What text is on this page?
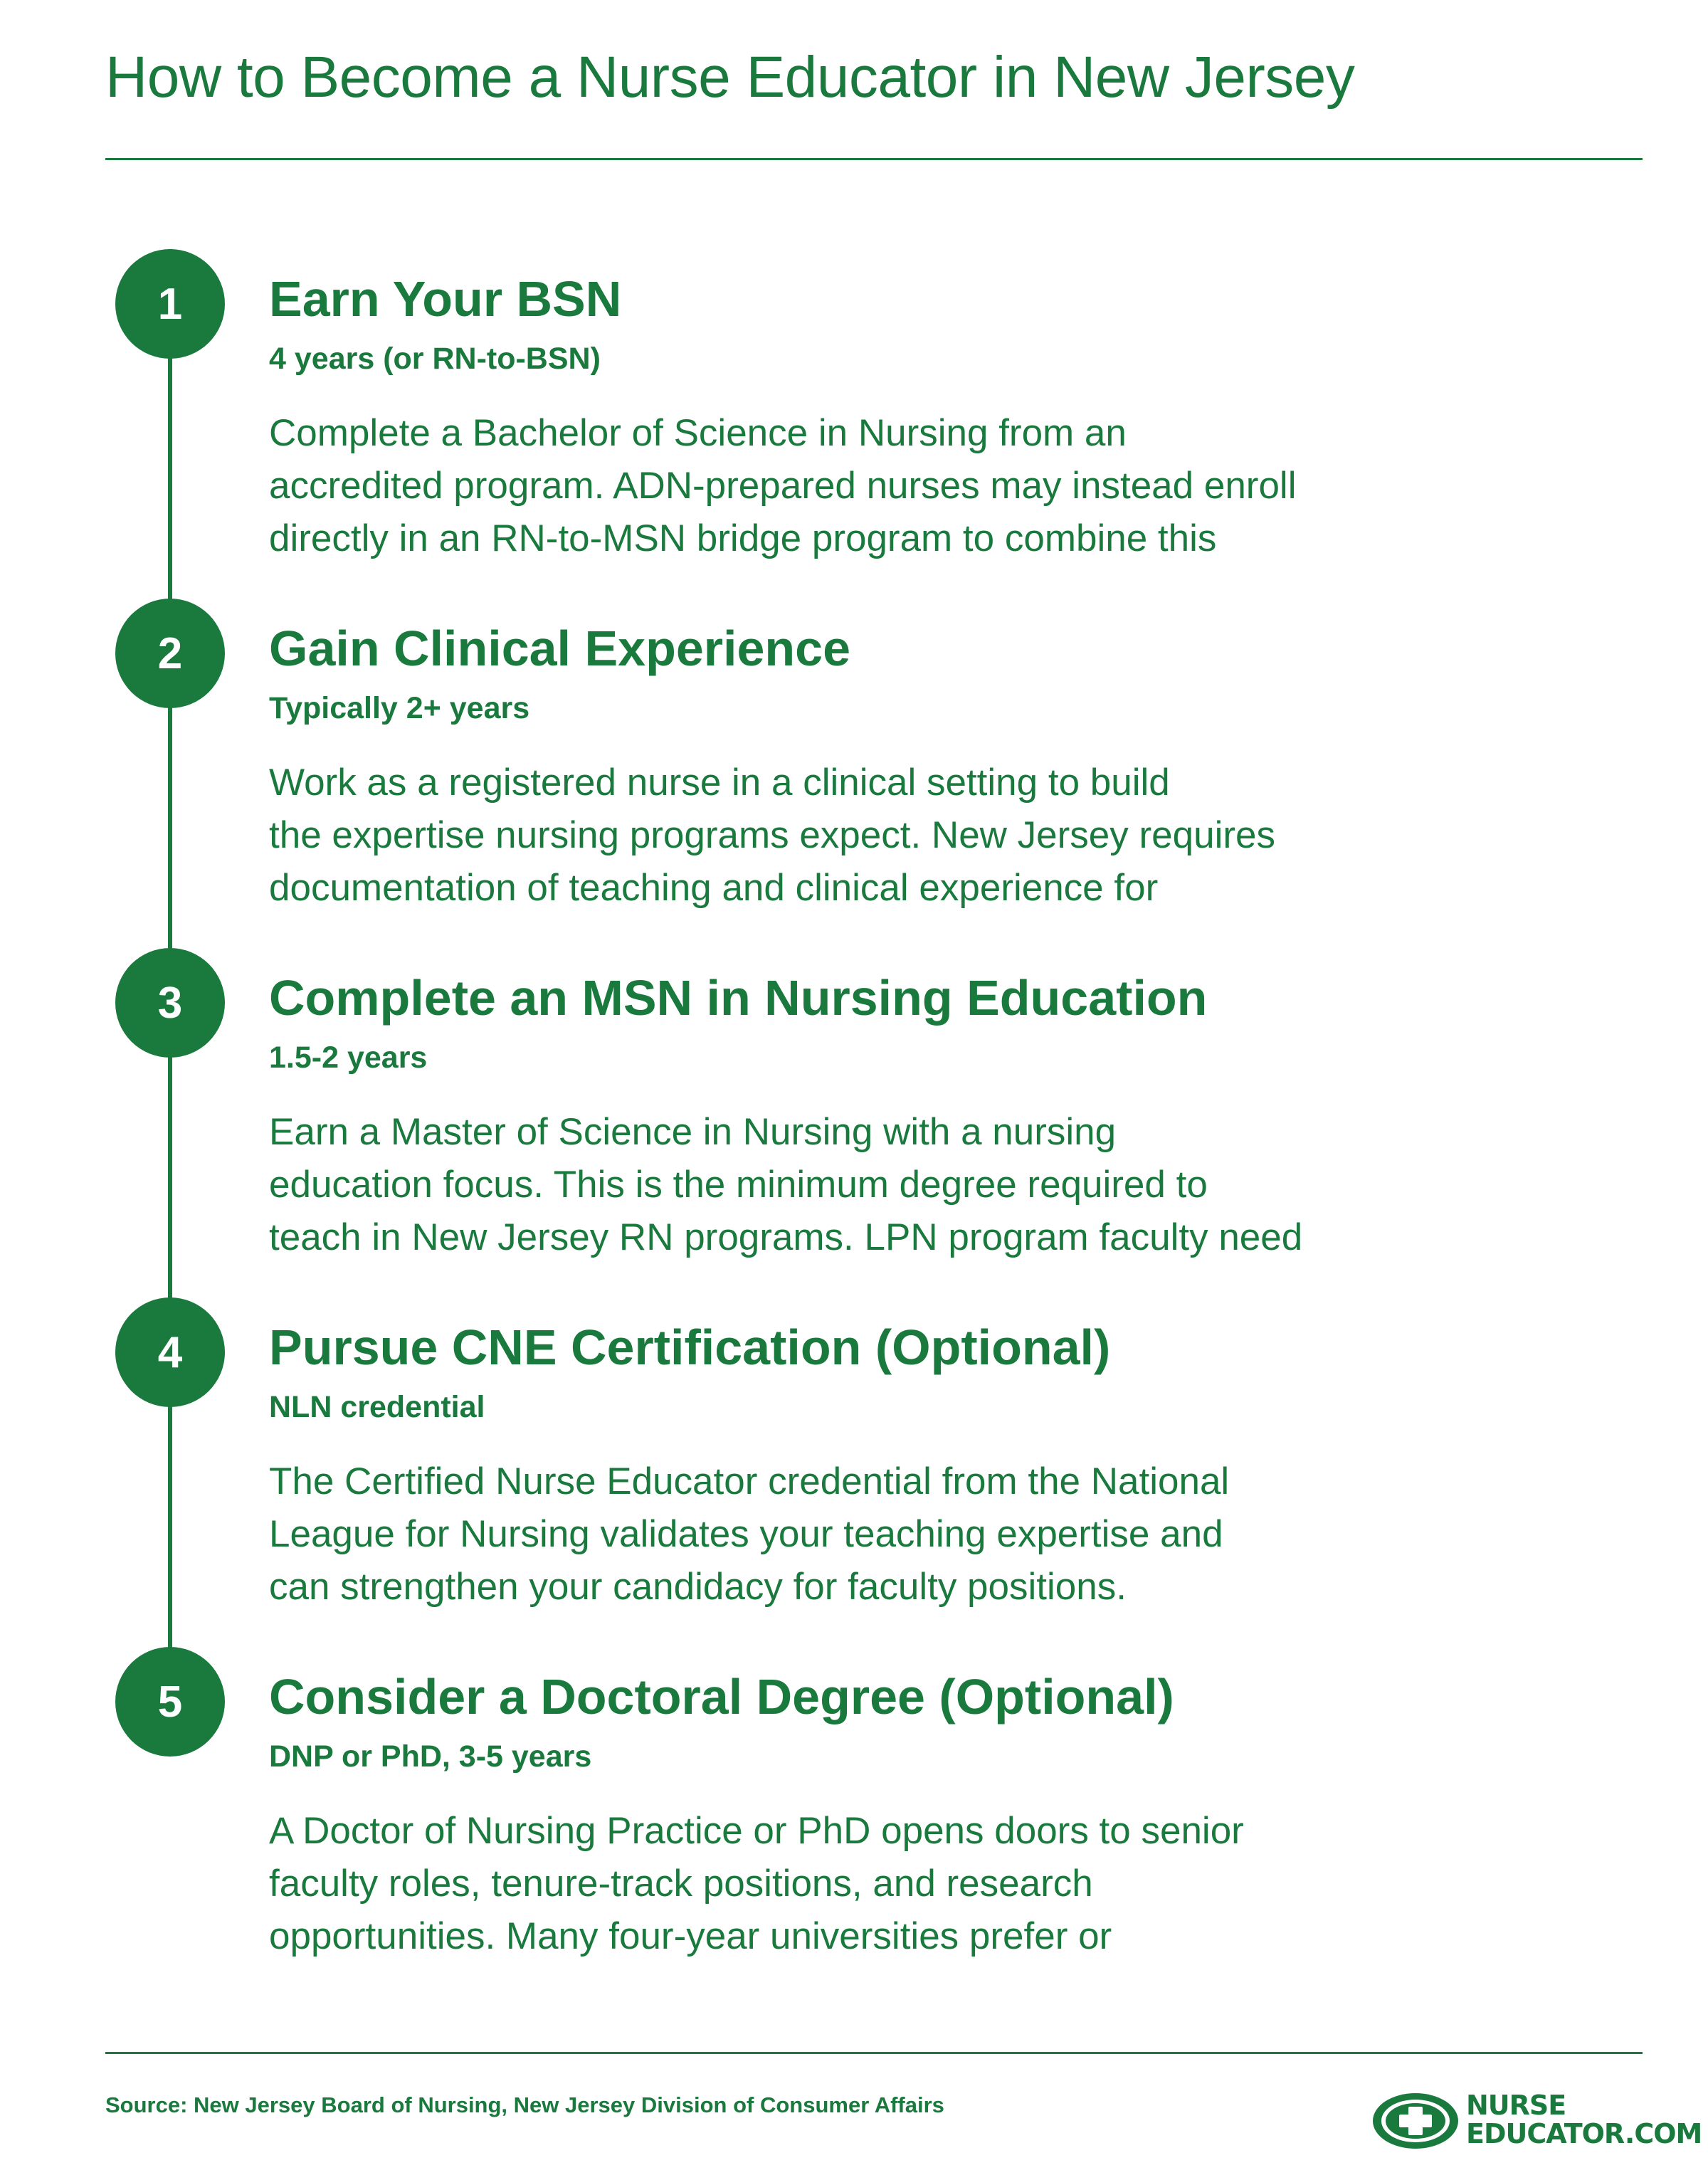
How to Become a Nurse Educator in New Jersey
1	Earn Your BSN
4 years (or RN-to-BSN)
Complete a Bachelor of Science in Nursing from an
accredited program. ADN-prepared nurses may instead enroll
directly in an RN-to-MSN bridge program to combine this
2	Gain Clinical Experience
Typically 2+ years
Work as a registered nurse in a clinical setting to build
the expertise nursing programs expect. New Jersey requires
documentation of teaching and clinical experience for
3	Complete an MSN in Nursing Education
1.5-2 years
Earn a Master of Science in Nursing with a nursing
education focus. This is the minimum degree required to
teach in New Jersey RN programs. LPN program faculty need
4	Pursue CNE Certification (Optional)
NLN credential
The Certified Nurse Educator credential from the National
League for Nursing validates your teaching expertise and
can strengthen your candidacy for faculty positions.
5	Consider a Doctoral Degree (Optional)
DNP or PhD, 3-5 years
A Doctor of Nursing Practice or PhD opens doors to senior
faculty roles, tenure-track positions, and research
opportunities. Many four-year universities prefer or
Source: New Jersey Board of Nursing, New Jersey Division of Consumer Affairs	NURSE
EDUCATOR.COM
